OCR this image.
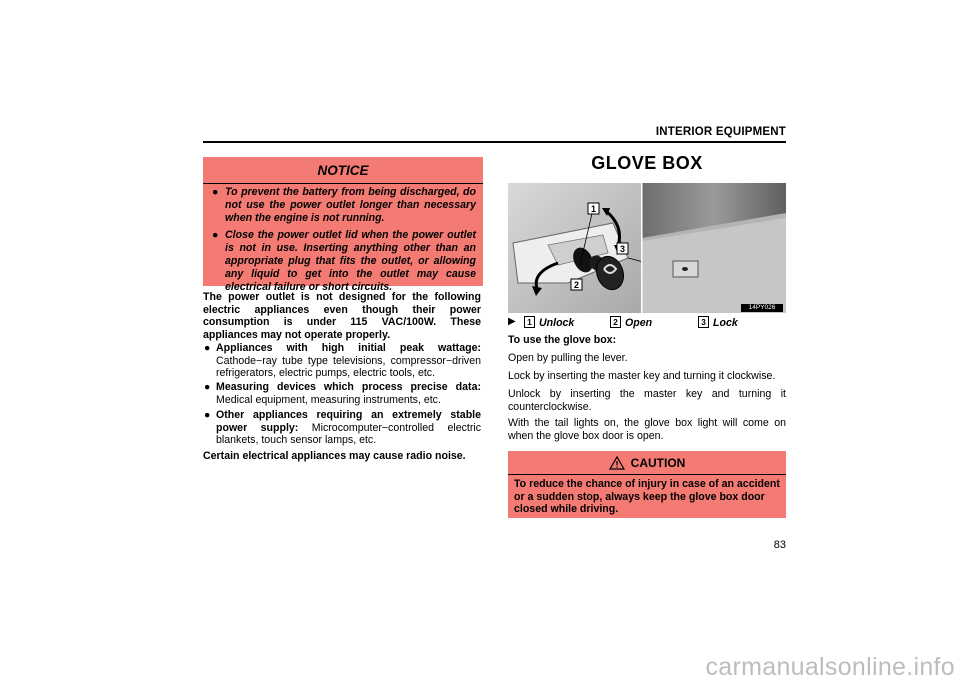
INTERIOR EQUIPMENT
NOTICE
● To prevent the battery from being discharged, do not use the power outlet longer than necessary when the engine is not running.
● Close the power outlet lid when the power outlet is not in use. Inserting anything other than an appropriate plug that fits the outlet, or allowing any liquid to get into the outlet may cause electrical failure or short circuits.
The power outlet is not designed for the following electric appliances even though their power consumption is under 115 VAC/100W. These appliances may not operate properly.
● Appliances with high initial peak wattage: Cathode−ray tube type televisions, compressor−driven refrigerators, electric pumps, electric tools, etc.
● Measuring devices which process precise data: Medical equipment, measuring instruments, etc.
● Other appliances requiring an extremely stable power supply: Microcomputer−controlled electric blankets, touch sensor lamps, etc.
Certain electrical appliances may cause radio noise.
GLOVE BOX
1
3
2
14PY026
▶	1 Unlock	2 Open	3 Lock
To use the glove box:
Open by pulling the lever.
Lock by inserting the master key and turning it clockwise.
Unlock by inserting the master key and turning it counterclockwise.
With the tail lights on, the glove box light will come on when the glove box door is open.
CAUTION
To reduce the chance of injury in case of an accident or a sudden stop, always keep the glove box door closed while driving.
83
carmanualsonline.info
